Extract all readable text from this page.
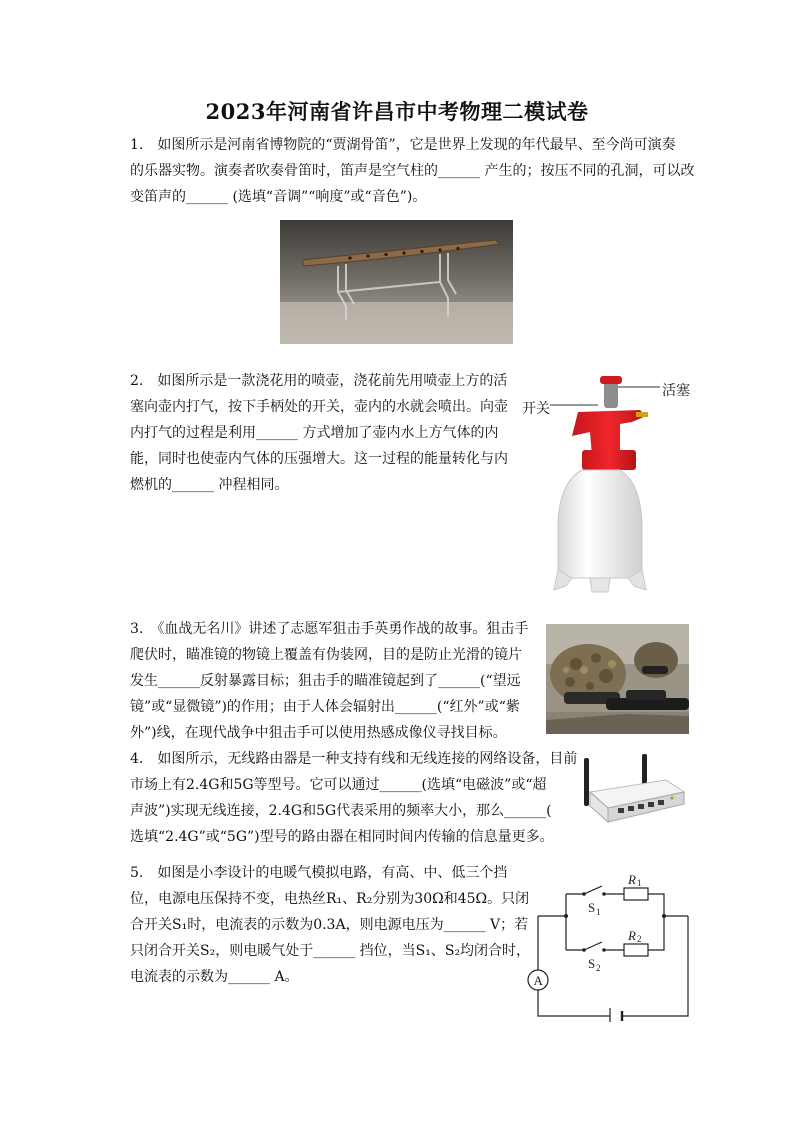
2023年河南省许昌市中考物理二模试卷

1.　如图所示是河南省博物院的“贾湖骨笛”，它是世界上发现的年代最早、至今尚可演奏

的乐器实物。演奏者吹奏骨笛时，笛声是空气柱的______ 产生的；按压不同的孔洞，可以改

变笛声的______ (选填“音调”“响度”或“音色”)。

2.　如图所示是一款浇花用的喷壶，浇花前先用喷壶上方的活

塞向壶内打气，按下手柄处的开关，壶内的水就会喷出。向壶

内打气的过程是利用______ 方式增加了壶内水上方气体的内

能，同时也使壶内气体的压强增大。这一过程的能量转化与内

燃机的______ 冲程相同。

活塞
开关

3.　《血战无名川》讲述了志愿军狙击手英勇作战的故事。狙击手

爬伏时，瞄准镜的物镜上覆盖有伪装网，目的是防止光滑的镜片

发生______反射暴露目标；狙击手的瞄准镜起到了______(“望远

镜”或“显微镜”)的作用；由于人体会辐射出______(“红外”或“紫

外”)线，在现代战争中狙击手可以使用热感成像仪寻找目标。

4.　如图所示，无线路由器是一种支持有线和无线连接的网络设备，目前

市场上有2.4G和5G等型号。它可以通过______(选填“电磁波”或“超

声波”)实现无线连接，2.4G和5G代表采用的频率大小，那么______(

选填“2.4G”或“5G”)型号的路由器在相同时间内传输的信息量更多。

5.　如图是小李设计的电暖气模拟电路，有高、中、低三个挡

位，电源电压保持不变，电热丝R₁、R₂分别为30Ω和45Ω。只闭

合开关S₁时，电流表的示数为0.3A，则电源电压为______ V；若

只闭合开关S₂，则电暖气处于______ 挡位，当S₁、S₂均闭合时，

电流表的示数为______ A。	A
R 1
R 2
S 1
S 2
